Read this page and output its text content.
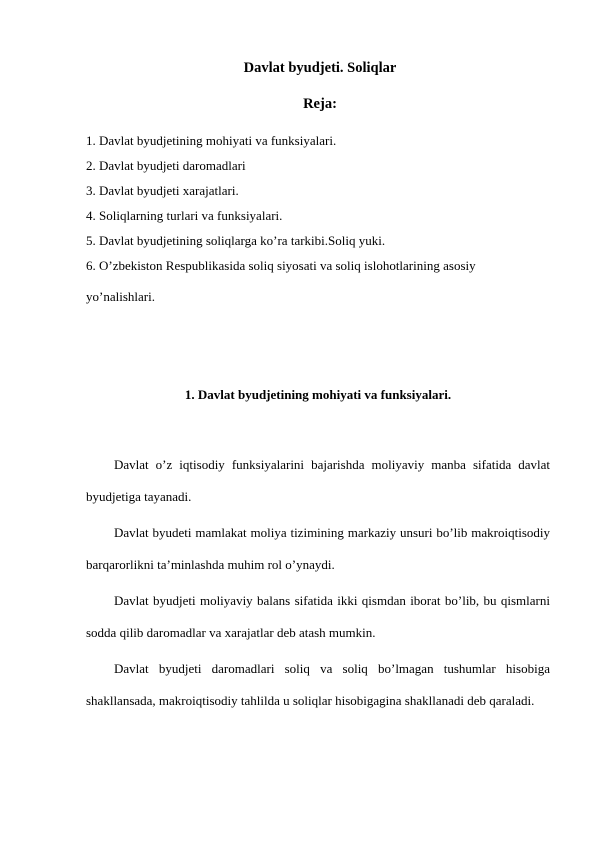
Davlat byudjeti. Soliqlar
Reja:
1. Davlat byudjetining mohiyati va funksiyalari.
2. Davlat byudjeti daromadlari
3. Davlat byudjeti xarajatlari.
4. Soliqlarning turlari va funksiyalari.
5. Davlat byudjetining soliqlarga ko’ra tarkibi.Soliq yuki.
6. O’zbekiston Respublikasida soliq siyosati va soliq islohotlarining asosiy
yo’nalishlari.
1. Davlat byudjetining mohiyati va funksiyalari.

Davlat o’z iqtisodiy funksiyalarini bajarishda moliyaviy manba sifatida davlat byudjetiga tayanadi.

Davlat byudeti mamlakat moliya tizimining markaziy unsuri bo’lib makroiqtisodiy barqarorlikni ta’minlashda muhim rol o’ynaydi.

Davlat byudjeti moliyaviy balans sifatida ikki qismdan iborat bo’lib, bu qismlarni sodda qilib daromadlar va xarajatlar deb atash mumkin.

Davlat byudjeti daromadlari soliq va soliq bo’lmagan tushumlar hisobiga shakllansada, makroiqtisodiy tahlilda u soliqlar hisobigagina shakllanadi deb qaraladi.
